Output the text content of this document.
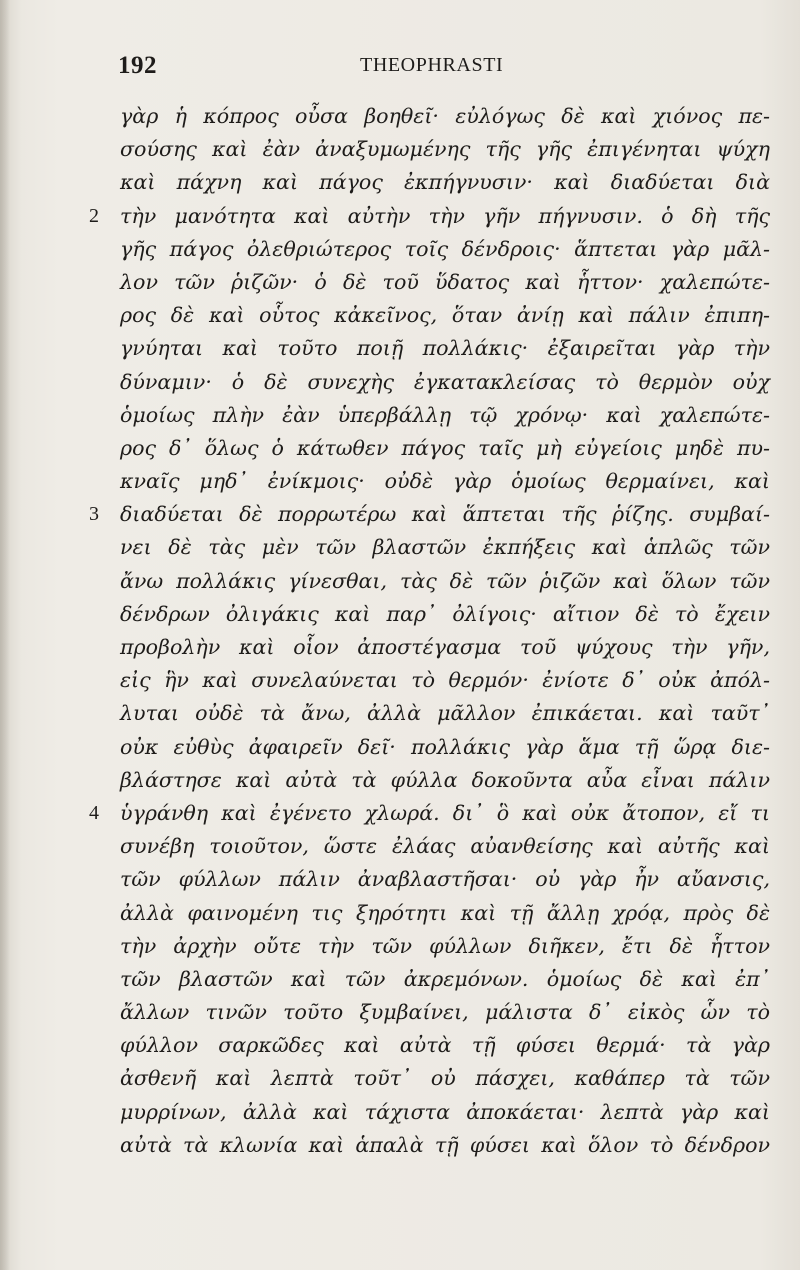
192	THEOPHRASTI
γὰρ ἡ κόπρος οὖσα βοηθεῖ· εὐλόγως δὲ καὶ χιόνος πε-
σούσης καὶ ἐὰν ἀναξυμωμένης τῆς γῆς ἐπιγένηται ψύχη
καὶ πάχνη καὶ πάγος ἐκπήγνυσιν· καὶ διαδύεται διὰ
2 τὴν μανότητα καὶ αὐτὴν τὴν γῆν πήγνυσιν. ὁ δὴ τῆς
γῆς πάγος ὀλεθριώτερος τοῖς δένδροις· ἅπτεται γὰρ μᾶλ-
λον τῶν ῥιζῶν· ὁ δὲ τοῦ ὕδατος καὶ ἧττον· χαλεπώτε-
ρος δὲ καὶ οὗτος κἀκεῖνος, ὅταν ἀνίῃ καὶ πάλιν ἐπιπη-
γνύηται καὶ τοῦτο ποιῇ πολλάκις· ἐξαιρεῖται γὰρ τὴν
δύναμιν· ὁ δὲ συνεχὴς ἐγκατακλείσας τὸ θερμὸν οὐχ
ὁμοίως πλὴν ἐὰν ὑπερβάλλῃ τῷ χρόνῳ· καὶ χαλεπώτε-
ρος δ᾽ ὅλως ὁ κάτωθεν πάγος ταῖς μὴ εὐγείοις μηδὲ πυ-
κναῖς μηδ᾽ ἐνίκμοις· οὐδὲ γὰρ ὁμοίως θερμαίνει, καὶ
3 διαδύεται δὲ πορρωτέρω καὶ ἅπτεται τῆς ῥίζης. συμβαί-
νει δὲ τὰς μὲν τῶν βλαστῶν ἐκπήξεις καὶ ἁπλῶς τῶν
ἄνω πολλάκις γίνεσθαι, τὰς δὲ τῶν ῥιζῶν καὶ ὅλων τῶν
δένδρων ὀλιγάκις καὶ παρ᾽ ὀλίγοις· αἴτιον δὲ τὸ ἔχειν
προβολὴν καὶ οἷον ἀποστέγασμα τοῦ ψύχους τὴν γῆν,
εἰς ἣν καὶ συνελαύνεται τὸ θερμόν· ἐνίοτε δ᾽ οὐκ ἀπόλ-
λυται οὐδὲ τὰ ἄνω, ἀλλὰ μᾶλλον ἐπικάεται. καὶ ταῦτ᾽
οὐκ εὐθὺς ἀφαιρεῖν δεῖ· πολλάκις γὰρ ἅμα τῇ ὥρᾳ διε-
βλάστησε καὶ αὐτὰ τὰ φύλλα δοκοῦντα αὖα εἶναι πάλιν
4 ὑγράνθη καὶ ἐγένετο χλωρά. δι᾽ ὃ καὶ οὐκ ἄτοπον, εἴ τι
συνέβη τοιοῦτον, ὥστε ἐλάας αὐανθείσης καὶ αὐτῆς καὶ
τῶν φύλλων πάλιν ἀναβλαστῆσαι· οὐ γὰρ ἦν αὔανσις,
ἀλλὰ φαινομένη τις ξηρότητι καὶ τῇ ἄλλῃ χρόᾳ, πρὸς δὲ
τὴν ἀρχὴν οὔτε τὴν τῶν φύλλων διῆκεν, ἔτι δὲ ἧττον
τῶν βλαστῶν καὶ τῶν ἀκρεμόνων. ὁμοίως δὲ καὶ ἐπ᾽
ἄλλων τινῶν τοῦτο ξυμβαίνει, μάλιστα δ᾽ εἰκὸς ὧν τὸ
φύλλον σαρκῶδες καὶ αὐτὰ τῇ φύσει θερμά· τὰ γὰρ
ἀσθενῆ καὶ λεπτὰ τοῦτ᾽ οὐ πάσχει, καθάπερ τὰ τῶν
μυρρίνων, ἀλλὰ καὶ τάχιστα ἀποκάεται· λεπτὰ γὰρ καὶ
αὐτὰ τὰ κλωνία καὶ ἁπαλὰ τῇ φύσει καὶ ὅλον τὸ δένδρον
